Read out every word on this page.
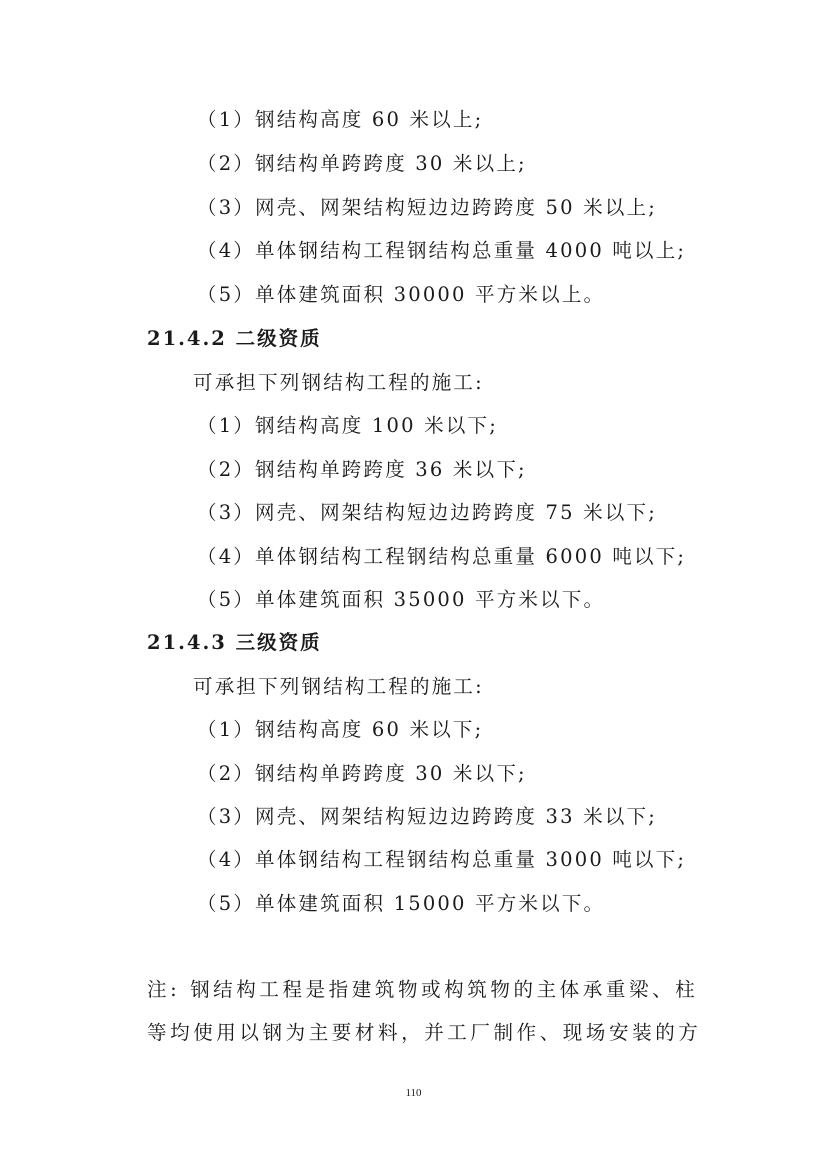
（1）钢结构高度 60 米以上;
（2）钢结构单跨跨度 30 米以上;
（3）网壳、网架结构短边边跨跨度 50 米以上;
（4）单体钢结构工程钢结构总重量 4000 吨以上;
（5）单体建筑面积 30000 平方米以上。
21.4.2 二级资质
可承担下列钢结构工程的施工:
（1）钢结构高度 100 米以下;
（2）钢结构单跨跨度 36 米以下;
（3）网壳、网架结构短边边跨跨度 75 米以下;
（4）单体钢结构工程钢结构总重量 6000 吨以下;
（5）单体建筑面积 35000 平方米以下。
21.4.3 三级资质
可承担下列钢结构工程的施工:
（1）钢结构高度 60 米以下;
（2）钢结构单跨跨度 30 米以下;
（3）网壳、网架结构短边边跨跨度 33 米以下;
（4）单体钢结构工程钢结构总重量 3000 吨以下;
（5）单体建筑面积 15000 平方米以下。
注: 钢结构工程是指建筑物或构筑物的主体承重梁、柱
等均使用以钢为主要材料，并工厂制作、现场安装的方
110
